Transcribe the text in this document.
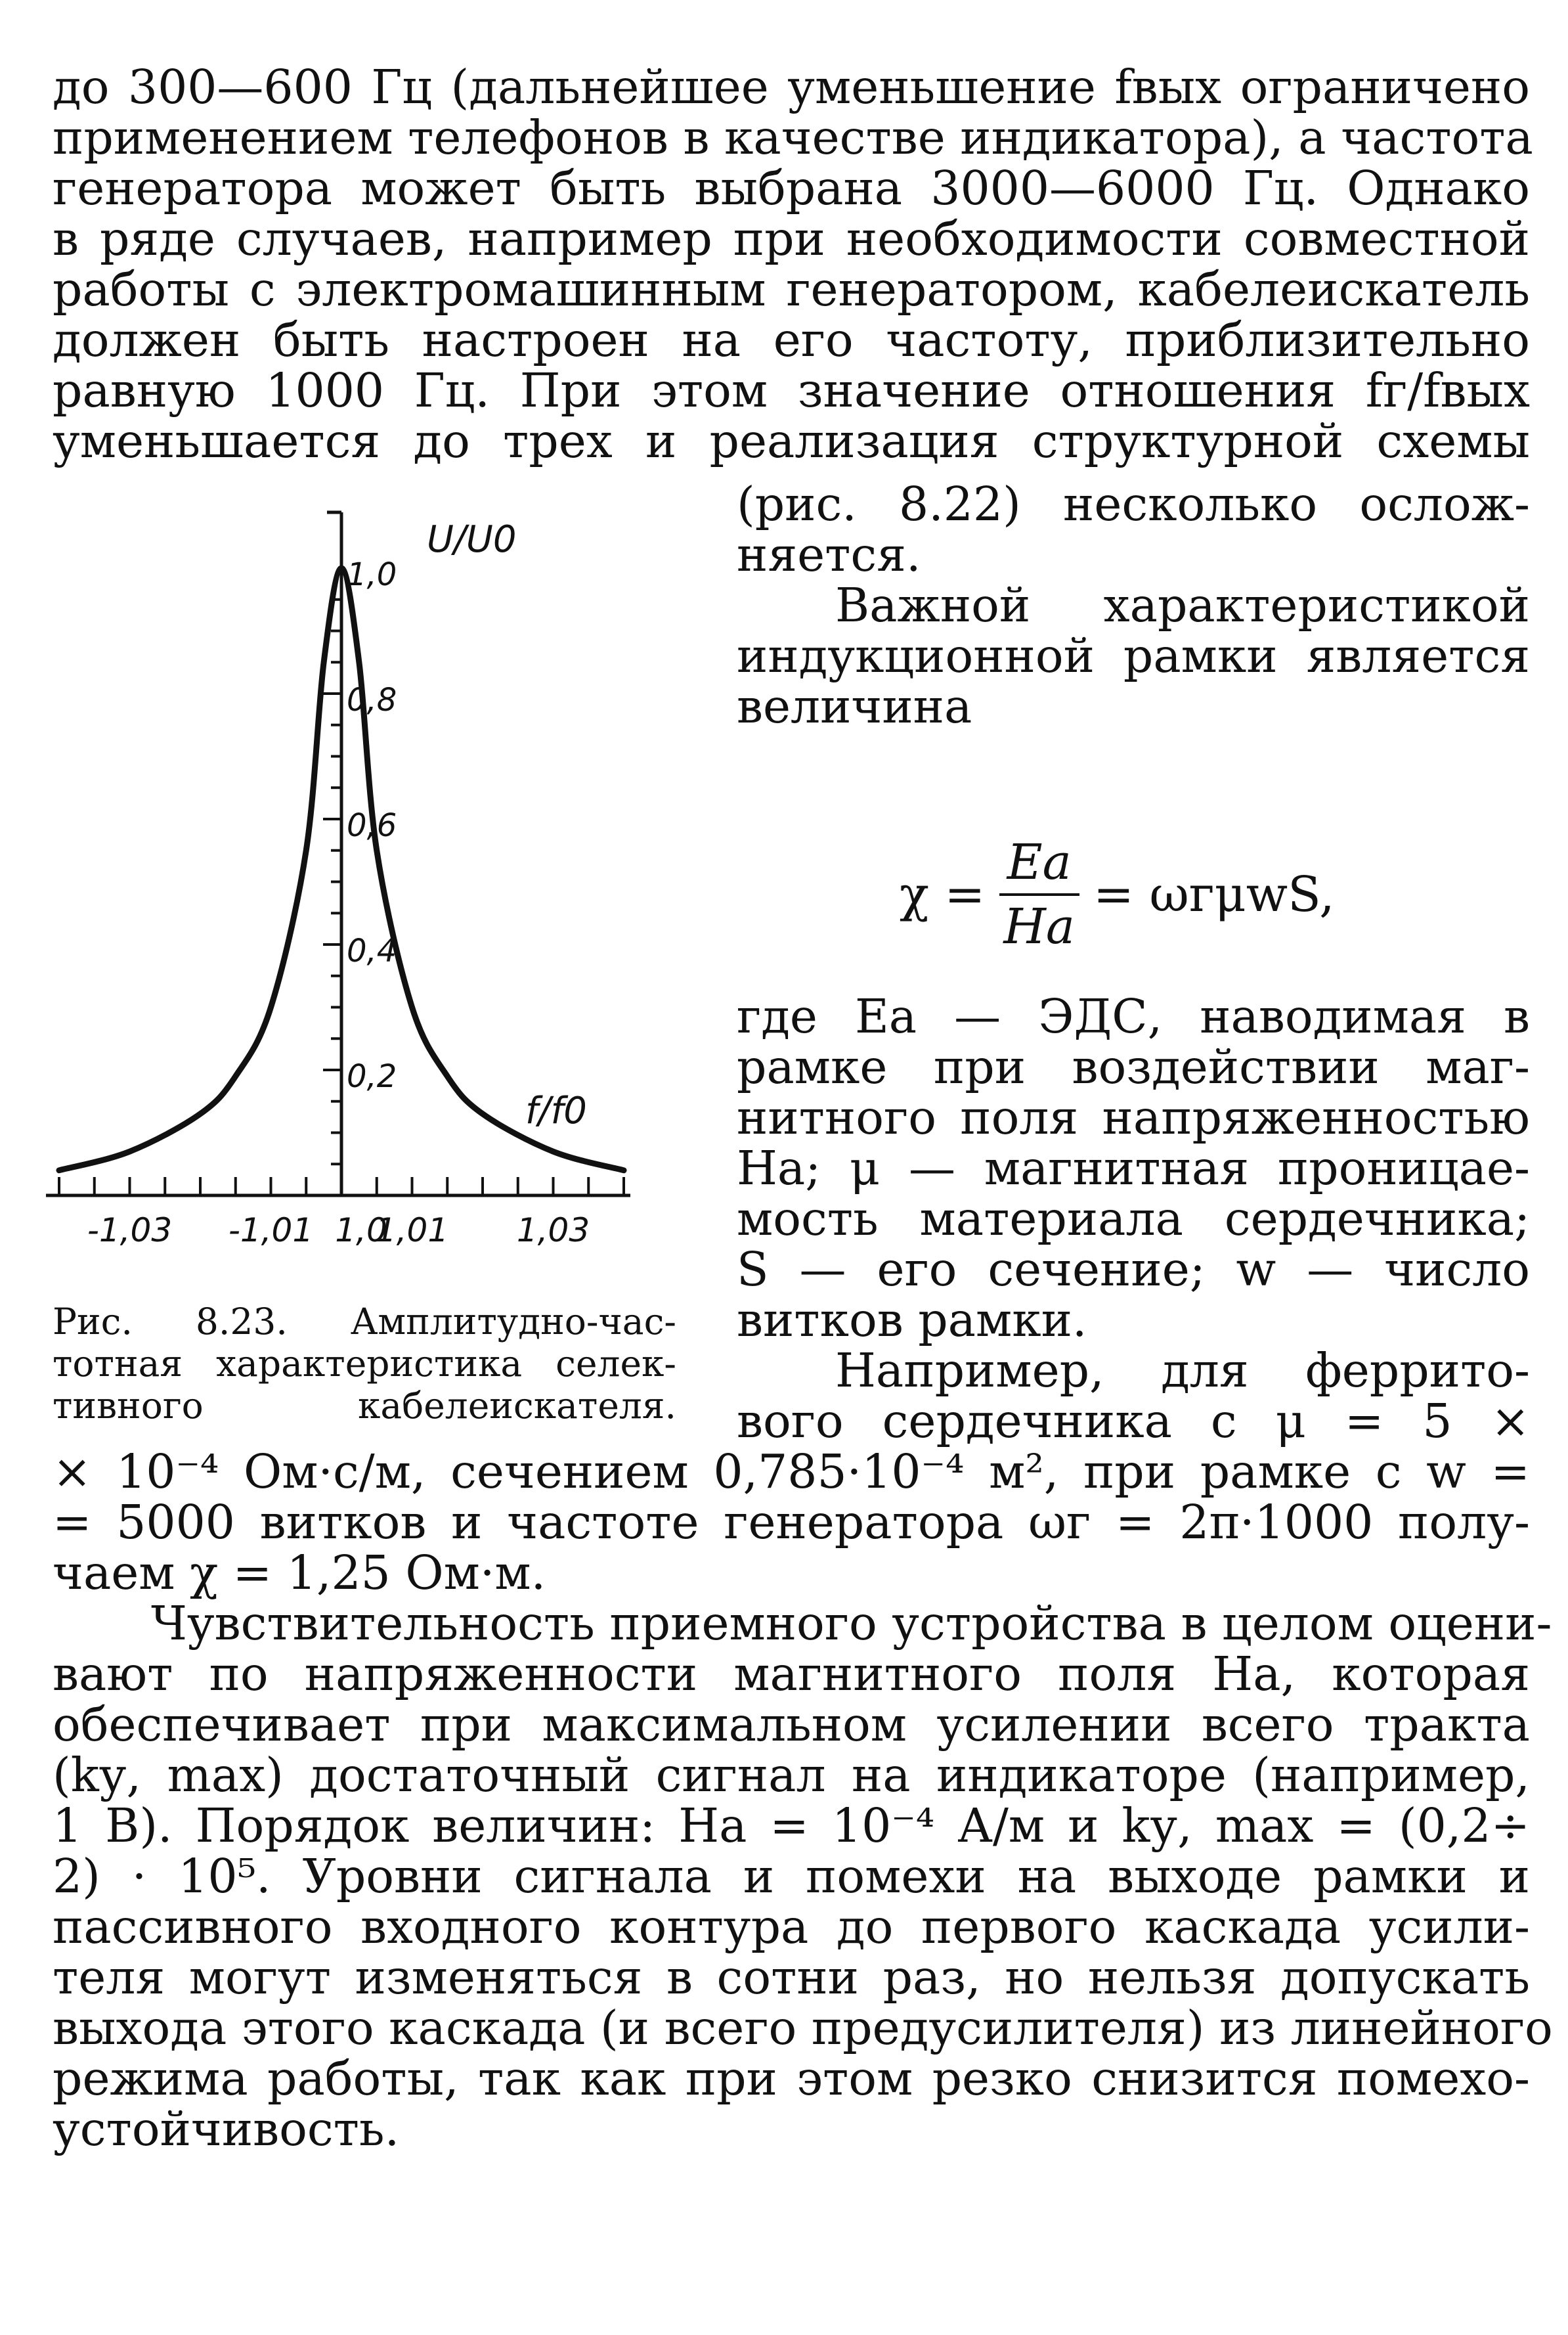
до 300—600 Гц (дальнейшее уменьшение fвых ограничено
применением телефонов в качестве индикатора), а частота
генератора может быть выбрана 3000—6000 Гц. Однако
в ряде случаев, например при необходимости совместной
работы с электромашинным генератором, кабелеискатель
должен быть настроен на его частоту, приблизительно
равную 1000 Гц. При этом значение отношения fг/fвых
уменьшается до трех и реализация структурной схемы
(рис. 8.22) несколько ослож-
няется.
Важной характеристикой
индукционной рамки является
величина
$\chi = \frac{Ea}{Ha} = \omega г\mu wS$,
где Ea — ЭДС, наводимая в
рамке при воздействии маг-
нитного поля напряженностью
Ha; μ — магнитная проницае-
мость материала сердечника;
S — его сечение; w — число
витков рамки.
Например, для феррито-
вого сердечника с μ = 5 ×
0,2
0,4
0,6
0,8
1,0
-1,03 -1,01 1,0
1,01 1,03
U/U0
f/f0
Рис. 8.23. Амплитудно-час-
тотная характеристика селек-
тивного кабелеискателя.
× 10⁻⁴ Ом·с/м, сечением 0,785·10⁻⁴ м², при рамке с w =
= 5000 витков и частоте генератора ωг = 2π·1000 полу-
чаем χ = 1,25 Ом·м.
Чувствительность приемного устройства в целом оцени-
вают по напряженности магнитного поля Ha, которая
обеспечивает при максимальном усилении всего тракта
(kу, max) достаточный сигнал на индикаторе (например,
1 В). Порядок величин: Ha = 10⁻⁴ А/м и kу, max = (0,2÷
2) · 10⁵. Уровни сигнала и помехи на выходе рамки и
пассивного входного контура до первого каскада усили-
теля могут изменяться в сотни раз, но нельзя допускать
выхода этого каскада (и всего предусилителя) из линейного
режима работы, так как при этом резко снизится помехо-
устойчивость.
